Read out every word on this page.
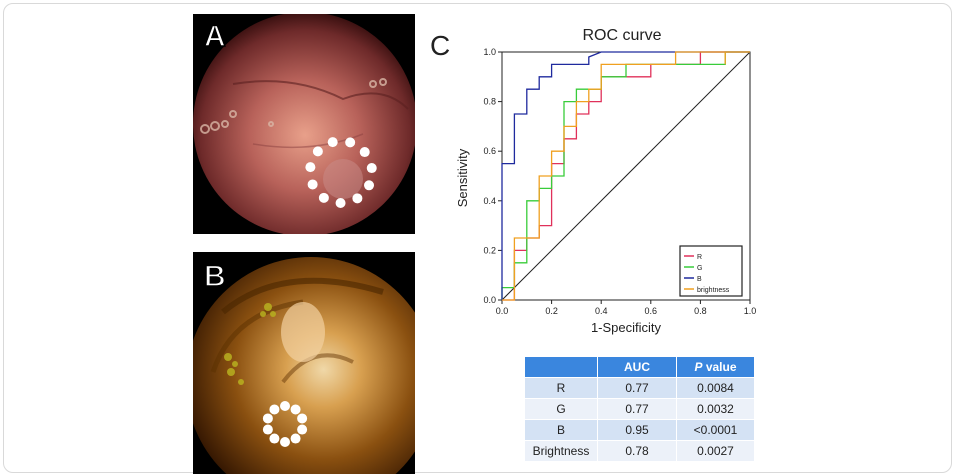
A
B
C	ROC curve
1-Specificity
Sensitivity
0.0	0.2	0.4	0.6	0.8	1.0
0.0
0.2
0.4
0.6
0.8
1.0
R
G
B
brightness
	AUC	P value
R	0.77	0.0084
G	0.77	0.0032
B	0.95	<0.0001
Brightness	0.78	0.0027
